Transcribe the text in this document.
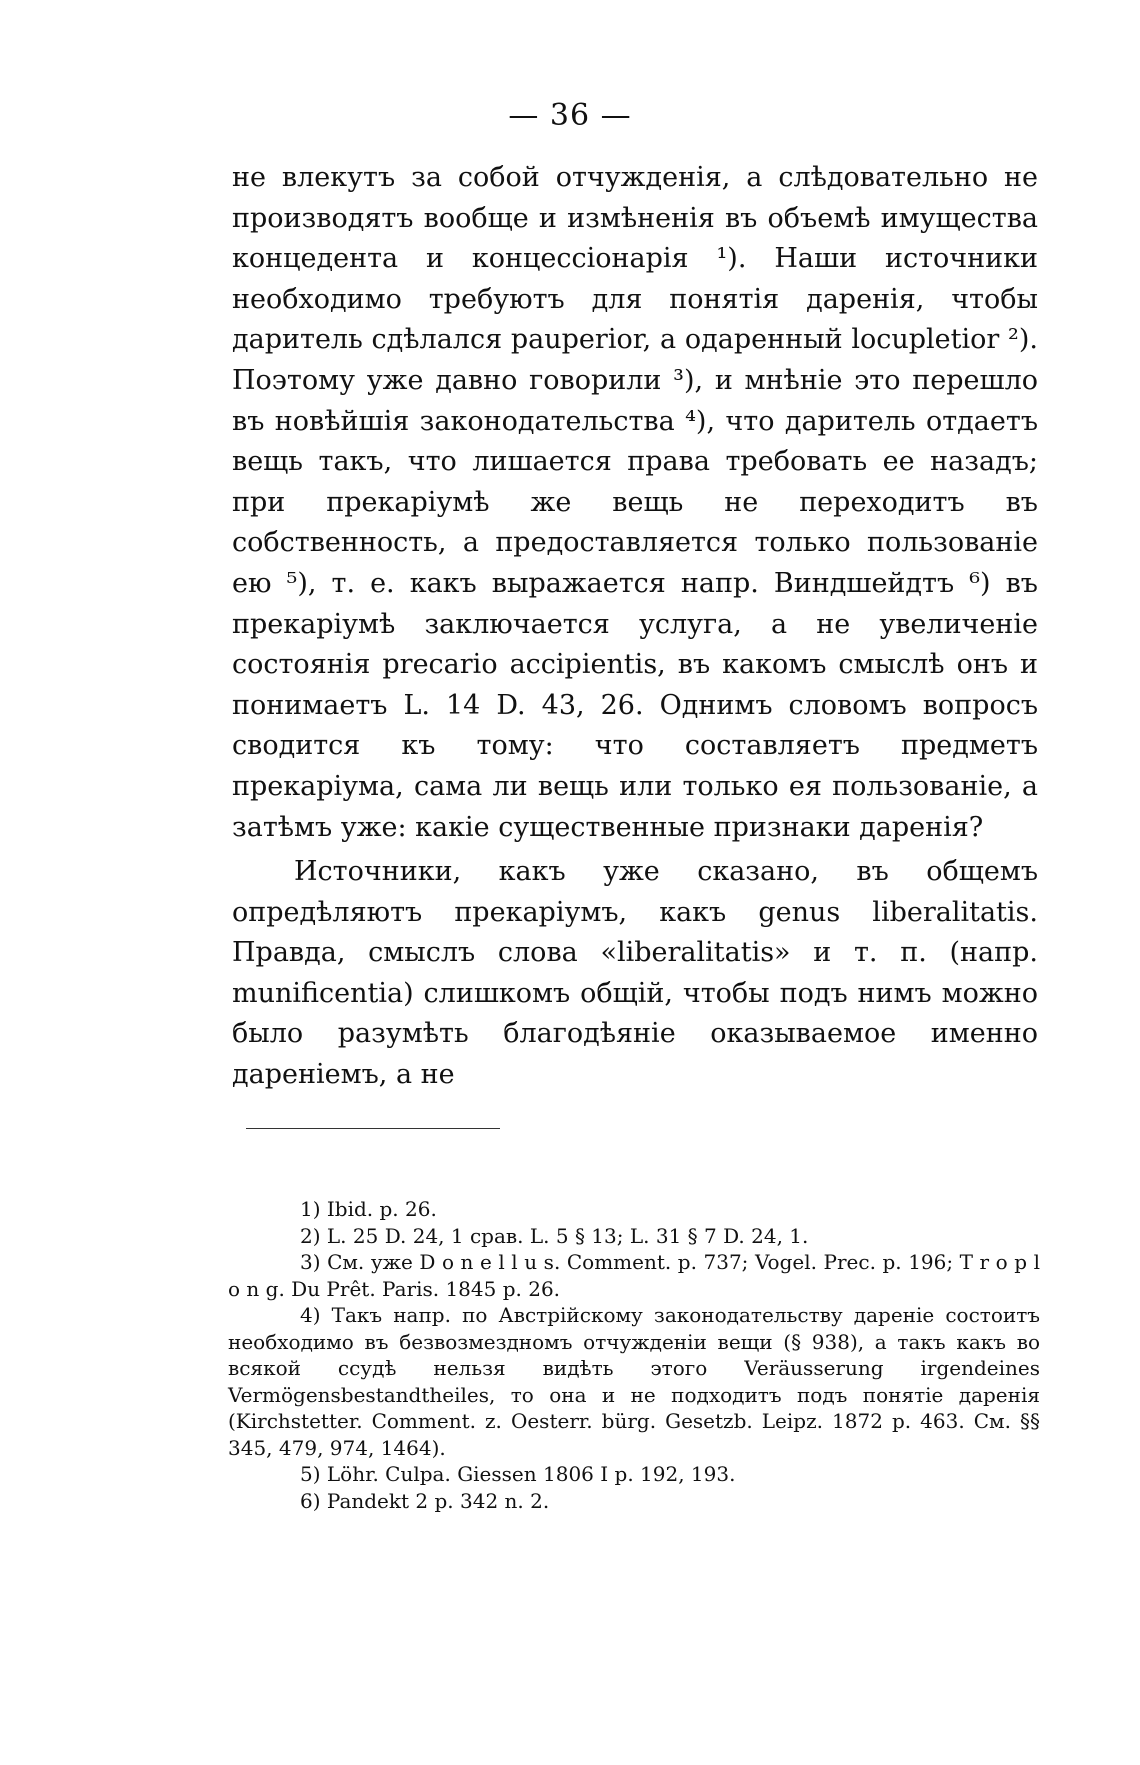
— 36 —

не влекутъ за собой отчужденія, а слѣдовательно не производятъ вообще и измѣненія въ объемѣ имущества концедента и концессіонарія ¹). Наши источники необходимо требуютъ для понятія даренія, чтобы даритель сдѣлался pauperior, а одаренный locupletior ²). Поэтому уже давно говорили ³), и мнѣніе это перешло въ новѣйшія законодательства ⁴), что даритель отдаетъ вещь такъ, что лишается права требовать ее назадъ; при прекаріумѣ же вещь не переходитъ въ собственность, а предоставляется только пользованіе ею ⁵), т. е. какъ выражается напр. Виндшейдтъ ⁶) въ прекаріумѣ заключается услуга, а не увеличеніе состоянія precario accipientis, въ какомъ смыслѣ онъ и понимаетъ L. 14 D. 43, 26. Однимъ словомъ вопросъ сводится къ тому: что составляетъ предметъ прекаріума, сама ли вещь или только ея пользованіе, а затѣмъ уже: какіе существенные признаки даренія?

Источники, какъ уже сказано, въ общемъ опредѣляютъ прекаріумъ, какъ genus liberalitatis. Правда, смыслъ слова «liberalitatis» и т. п. (напр. munificentia) слишкомъ общій, чтобы подъ нимъ можно было разумѣть благодѣяніе оказываемое именно дареніемъ, а не

1) Ibid. p. 26.

2) L. 25 D. 24, 1 срав. L. 5 § 13; L. 31 § 7 D. 24, 1.

3) См. уже D o n e l l u s. Comment. p. 737; Vogel. Prec. p. 196; T r o p l o n g. Du Prêt. Paris. 1845 p. 26.

4) Такъ напр. по Австрійскому законодательству дареніе состоитъ необходимо въ безвозмездномъ отчужденіи вещи (§ 938), а такъ какъ во всякой ссудѣ нельзя видѣть этого Veräusserung irgendeines Vermögensbestandtheiles, то она и не подходитъ подъ понятіе даренія (Kirchstetter. Comment. z. Oesterr. bürg. Gesetzb. Leipz. 1872 p. 463. См. §§ 345, 479, 974, 1464).

5) Löhr. Culpa. Giessen 1806 I p. 192, 193.

6) Pandekt 2 p. 342 n. 2.
